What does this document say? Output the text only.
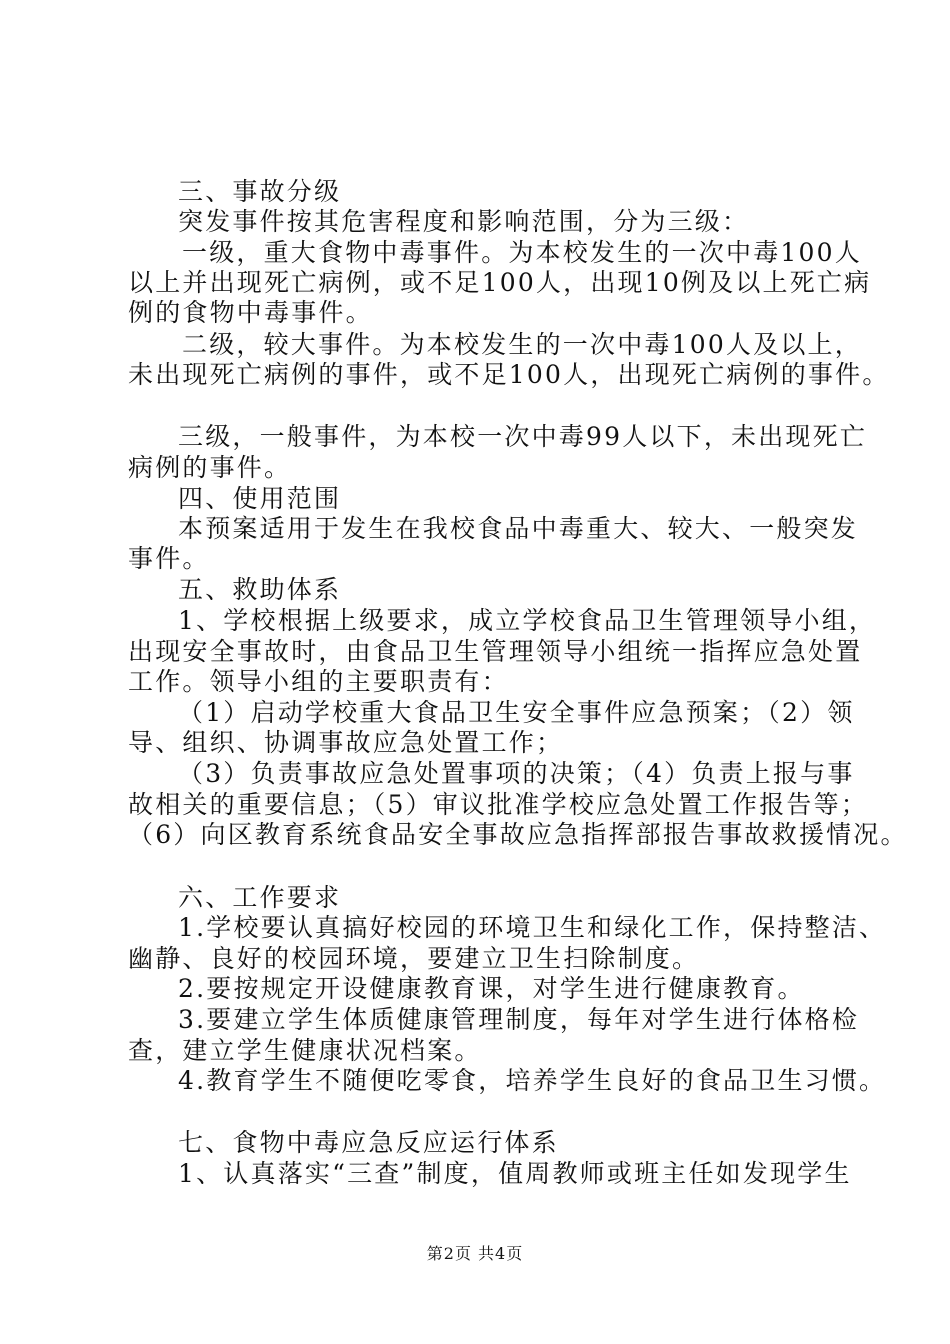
三、事故分级
突发事件按其危害程度和影响范围，分为三级：
一级，重大食物中毒事件。为本校发生的一次中毒100人
以上并出现死亡病例，或不足100人，出现10例及以上死亡病
例的食物中毒事件。
二级，较大事件。为本校发生的一次中毒100人及以上，
未出现死亡病例的事件，或不足100人，出现死亡病例的事件。
三级，一般事件，为本校一次中毒99人以下，未出现死亡
病例的事件。
四、使用范围
本预案适用于发生在我校食品中毒重大、较大、一般突发
事件。
五、救助体系
1、学校根据上级要求，成立学校食品卫生管理领导小组，
出现安全事故时，由食品卫生管理领导小组统一指挥应急处置
工作。领导小组的主要职责有：
（1）启动学校重大食品卫生安全事件应急预案；（2）领
导、组织、协调事故应急处置工作；
（3）负责事故应急处置事项的决策；（4）负责上报与事
故相关的重要信息；（5）审议批准学校应急处置工作报告等；
（6）向区教育系统食品安全事故应急指挥部报告事故救援情况。
六、工作要求
1.学校要认真搞好校园的环境卫生和绿化工作，保持整洁、
幽静、良好的校园环境，要建立卫生扫除制度。
2.要按规定开设健康教育课，对学生进行健康教育。
3.要建立学生体质健康管理制度，每年对学生进行体格检
查，建立学生健康状况档案。
4.教育学生不随便吃零食，培养学生良好的食品卫生习惯。
七、食物中毒应急反应运行体系
1、认真落实“三查”制度，值周教师或班主任如发现学生
第2页 共4页
